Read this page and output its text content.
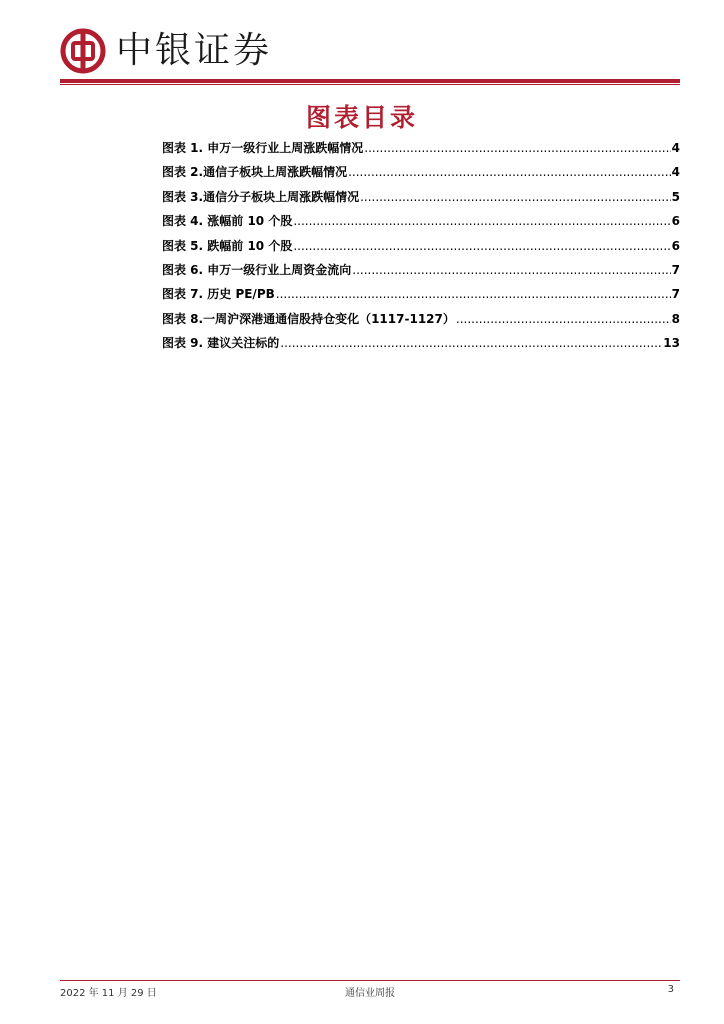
中银证券
图表目录
图表 1. 申万一级行业上周涨跌幅情况 .....	4
图表 2.通信子板块上周涨跌幅情况 .....	4
图表 3.通信分子板块上周涨跌幅情况 .....	5
图表 4. 涨幅前 10 个股 .....	6
图表 5. 跌幅前 10 个股 .....	6
图表 6. 申万一级行业上周资金流向 .....	7
图表 7. 历史 PE/PB .....	7
图表 8.一周沪深港通通信股持仓变化（1117-1127） .....	8
图表 9. 建议关注标的 .....	13
2022 年 11 月 29 日	通信业周报	3
